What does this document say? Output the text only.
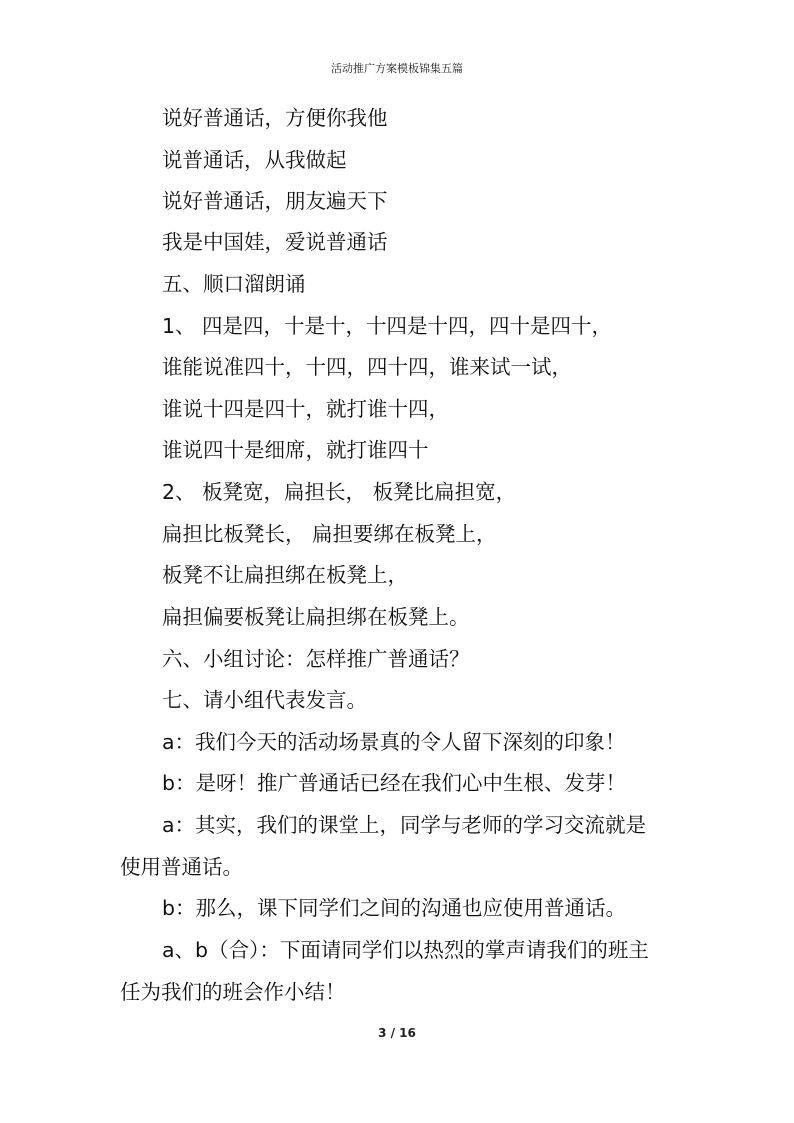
活动推广方案模板锦集五篇
说好普通话，方便你我他
说普通话，从我做起
说好普通话，朋友遍天下
我是中国娃，爱说普通话
五、顺口溜朗诵
1、 四是四，十是十，十四是十四，四十是四十，
谁能说准四十，十四，四十四，谁来试一试，
谁说十四是四十，就打谁十四，
谁说四十是细席，就打谁四十
2、 板凳宽，扁担长， 板凳比扁担宽，
扁担比板凳长， 扁担要绑在板凳上，
板凳不让扁担绑在板凳上，
扁担偏要板凳让扁担绑在板凳上。
六、小组讨论：怎样推广普通话？
七、请小组代表发言。
a：我们今天的活动场景真的令人留下深刻的印象！
b：是呀！推广普通话已经在我们心中生根、发芽！
a：其实，我们的课堂上，同学与老师的学习交流就是
使用普通话。
b：那么，课下同学们之间的沟通也应使用普通话。
a、b（合）：下面请同学们以热烈的掌声请我们的班主
任为我们的班会作小结！
3 / 16
